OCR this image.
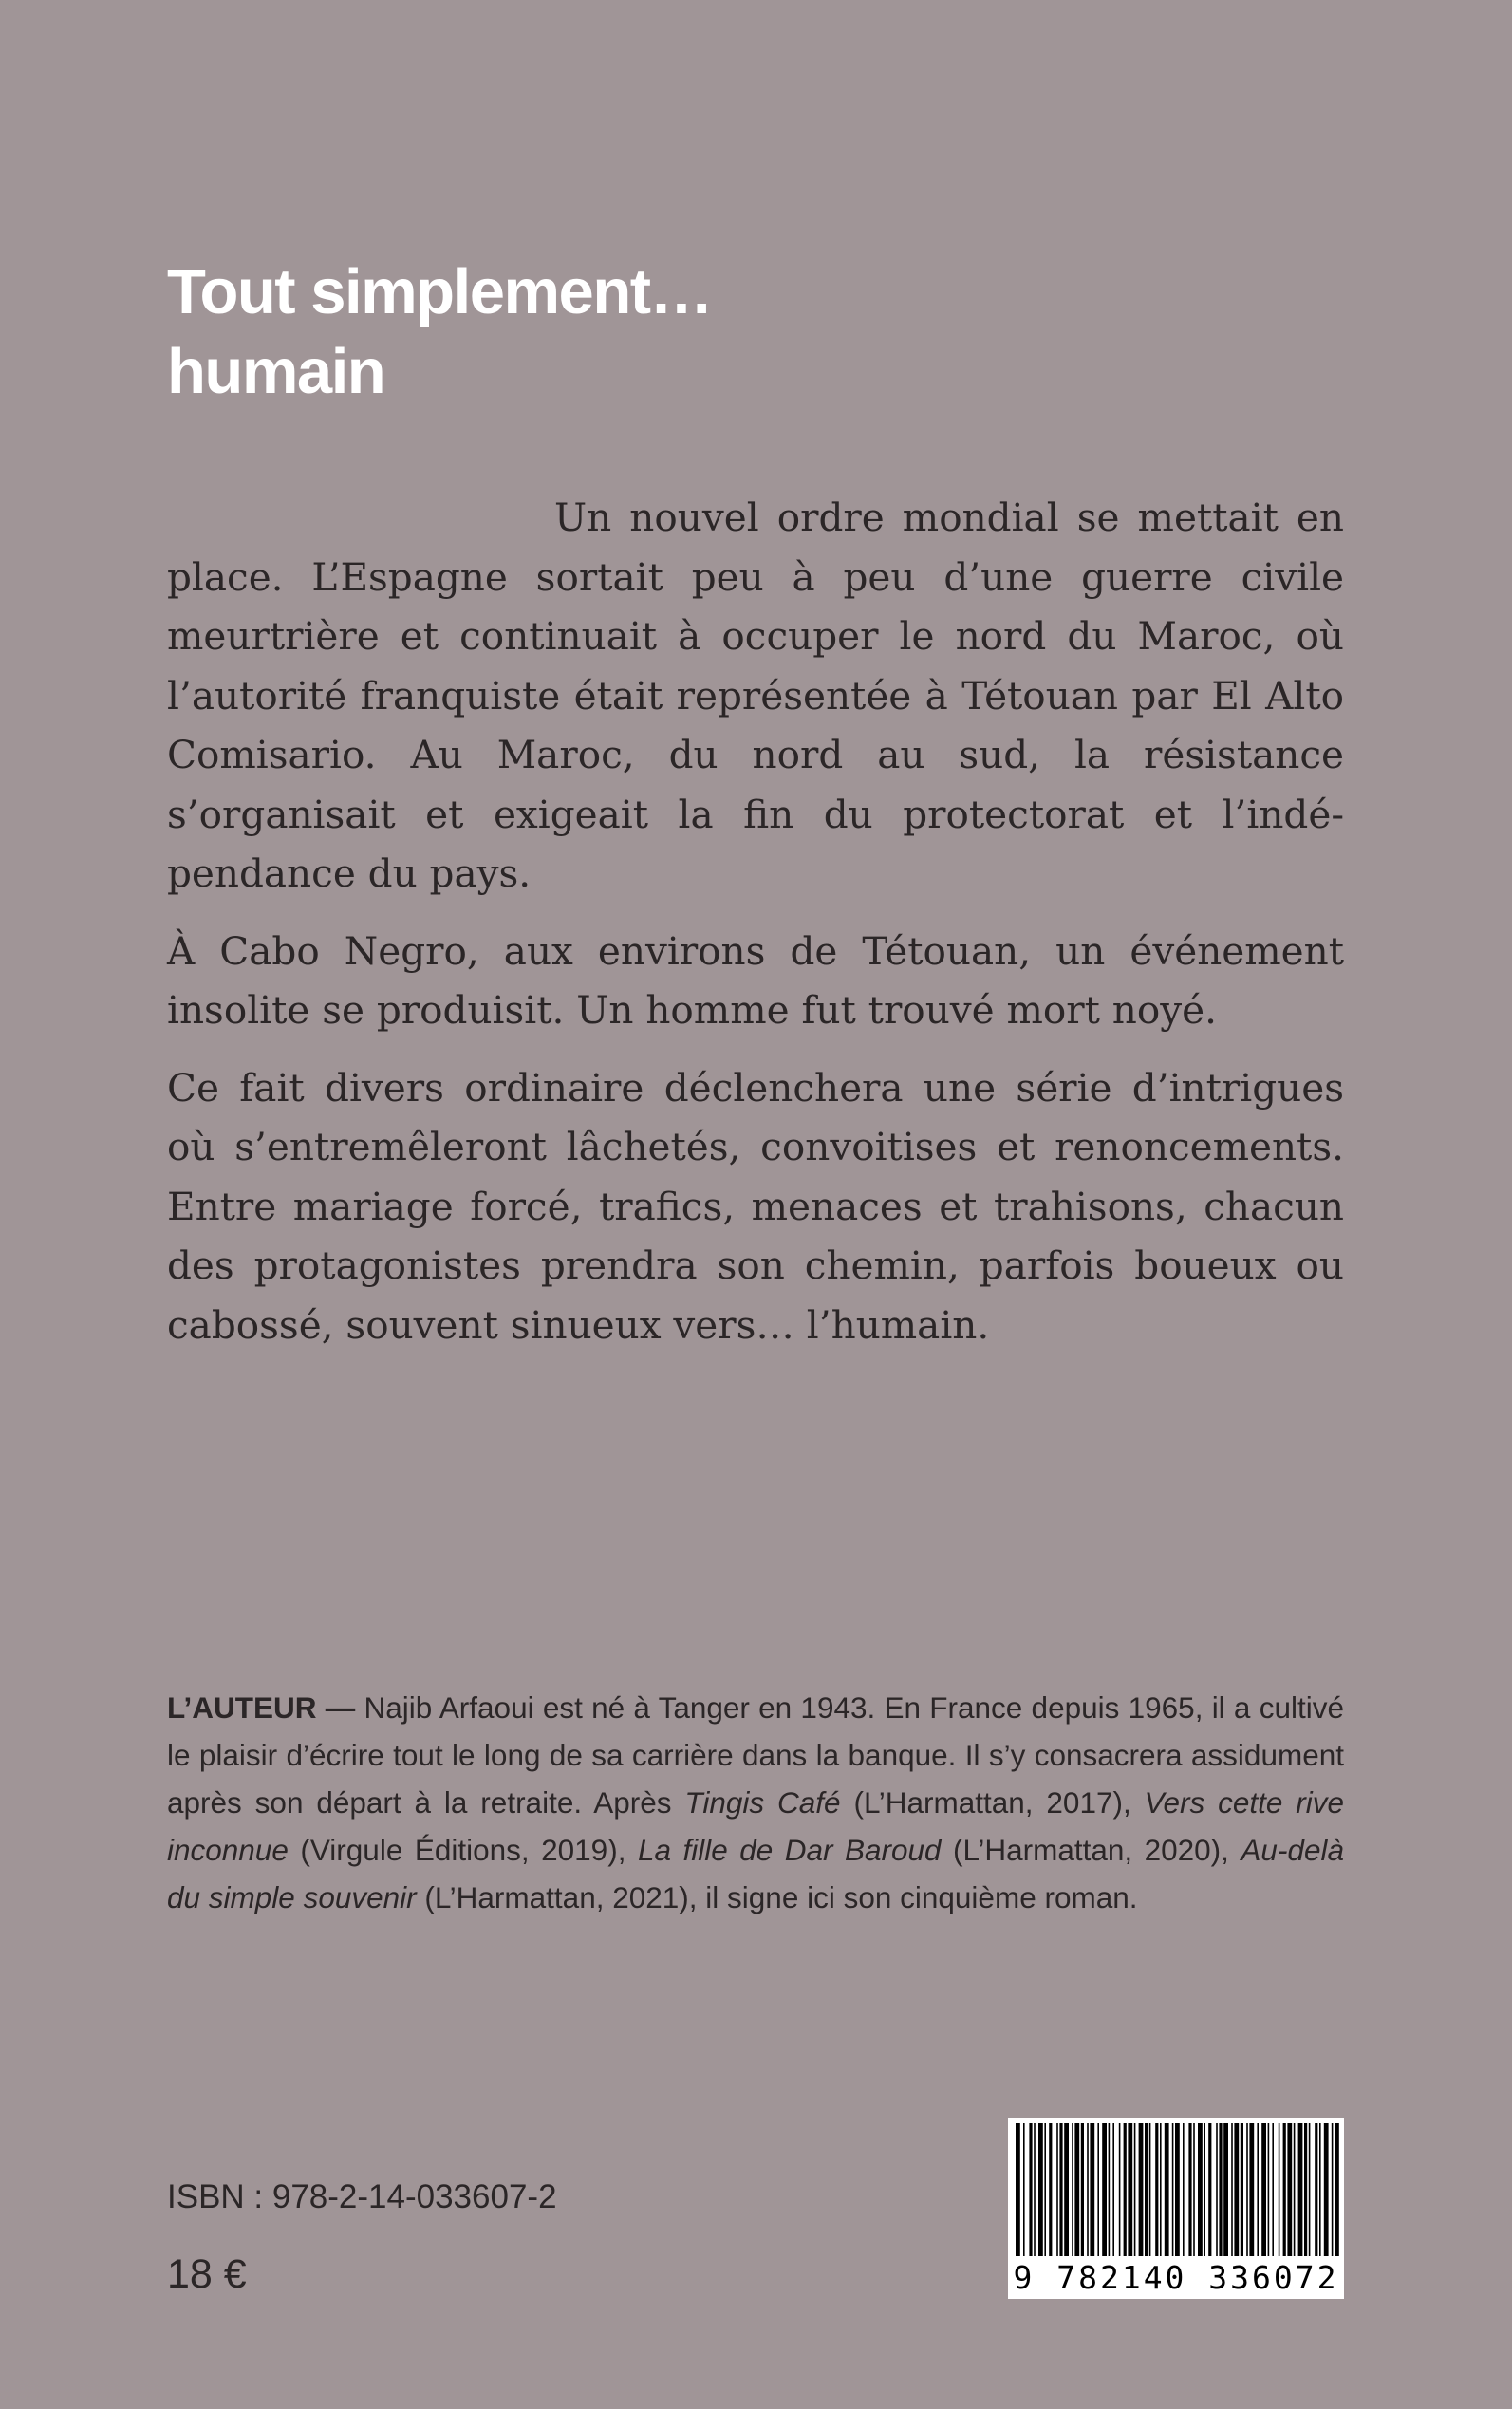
Tout simplement…
humain

Un nouvel ordre mondial se mettait en place. L’Espagne sortait peu à peu d’une guerre civile meurtrière et continuait à occuper le nord du Maroc, où l’autorité franquiste était représentée à Tétouan par El Alto Comisario. Au Maroc, du nord au sud, la résistance s’organisait et exigeait la fin du protectorat et l’indépendance du pays.

À Cabo Negro, aux environs de Tétouan, un événement insolite se produisit. Un homme fut trouvé mort noyé.

Ce fait divers ordinaire déclenchera une série d’intrigues où s’entremêleront lâchetés, convoitises et renoncements. Entre mariage forcé, trafics, menaces et trahisons, chacun des protagonistes prendra son chemin, parfois boueux ou cabossé, souvent sinueux vers… l’humain.

L’AUTEUR — Najib Arfaoui est né à Tanger en 1943. En France depuis 1965, il a cultivé le plaisir d’écrire tout le long de sa carrière dans la banque. Il s’y consacrera assidument après son départ à la retraite. Après Tingis Café (L’Harmattan, 2017), Vers cette rive inconnue (Virgule Éditions, 2019), La fille de Dar Baroud (L’Harmattan, 2020), Au-delà du simple souvenir (L’Harmattan, 2021), il signe ici son cinquième roman.

ISBN : 978-2-14-033607-2

18 €	9 782140 336072
